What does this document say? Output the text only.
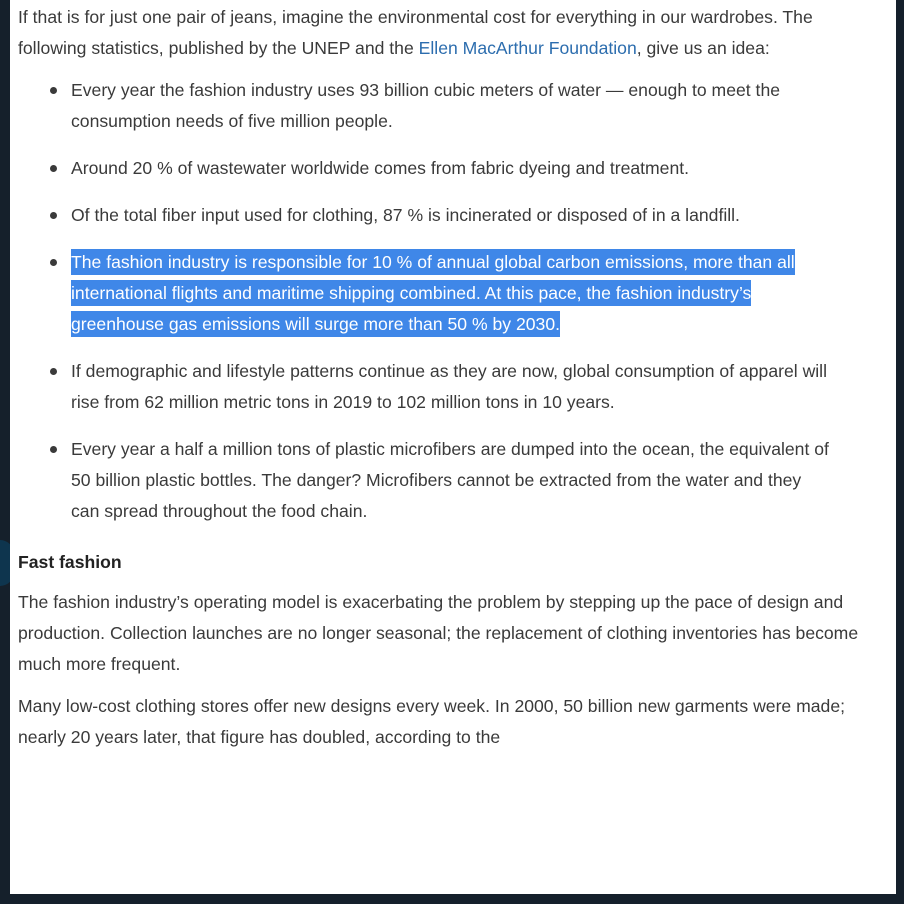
If that is for just one pair of jeans, imagine the environmental cost for everything in our wardrobes. The following statistics, published by the UNEP and the Ellen MacArthur Foundation, give us an idea:

Every year the fashion industry uses 93 billion cubic meters of water — enough to meet the consumption needs of five million people.
Around 20 % of wastewater worldwide comes from fabric dyeing and treatment.
Of the total fiber input used for clothing, 87 % is incinerated or disposed of in a landfill.
The fashion industry is responsible for 10 % of annual global carbon emissions, more than all international flights and maritime shipping combined. At this pace, the fashion industry’s greenhouse gas emissions will surge more than 50 % by 2030.
If demographic and lifestyle patterns continue as they are now, global consumption of apparel will rise from 62 million metric tons in 2019 to 102 million tons in 10 years.
Every year a half a million tons of plastic microfibers are dumped into the ocean, the equivalent of 50 billion plastic bottles. The danger? Microfibers cannot be extracted from the water and they can spread throughout the food chain.
Fast fashion

The fashion industry’s operating model is exacerbating the problem by stepping up the pace of design and production. Collection launches are no longer seasonal; the replacement of clothing inventories has become much more frequent.

Many low-cost clothing stores offer new designs every week. In 2000, 50 billion new garments were made; nearly 20 years later, that figure has doubled, according to the
